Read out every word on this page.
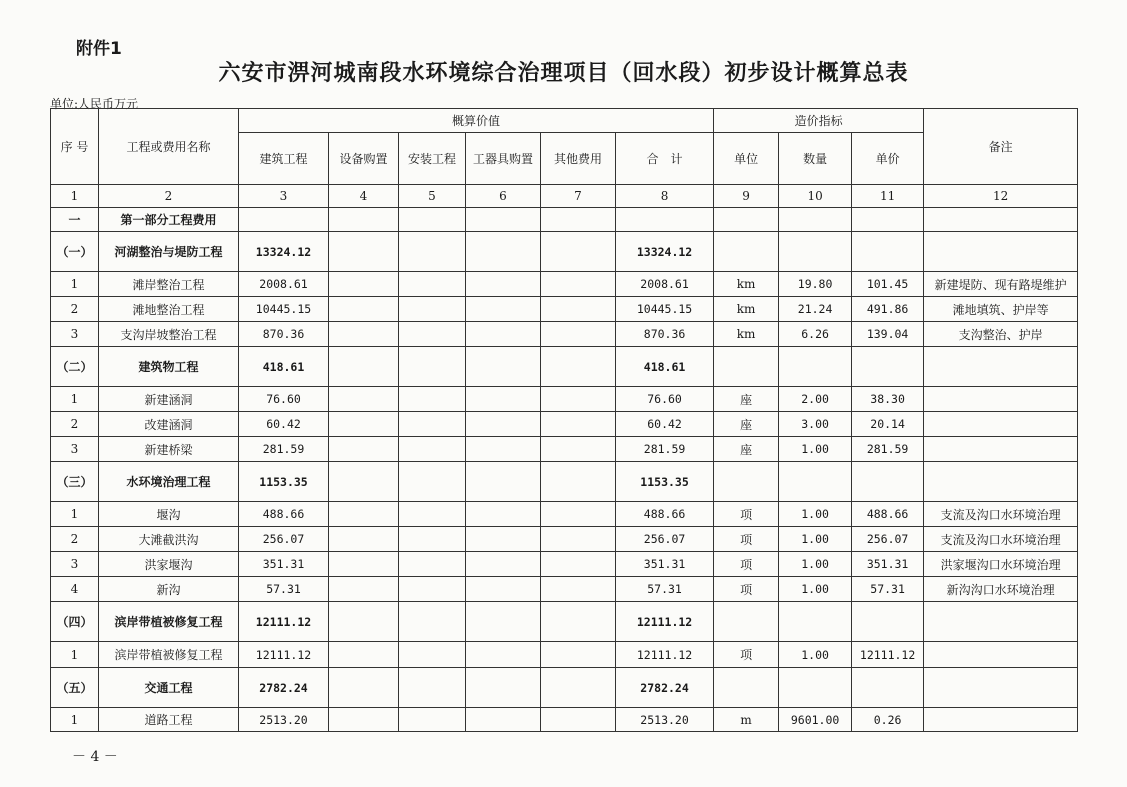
附件1
六安市淠河城南段水环境综合治理项目（回水段）初步设计概算总表
单位:人民币万元
序 号	工程或费用名称	概算价值						造价指标			备注
		建筑工程	设备购置	安装工程	工器具购置	其他费用	合　计	单位	数量	单价	
1	2	3	4	5	6	7	8	9	10	11	12
一	第一部分工程费用										
（一）	河湖整治与堤防工程	13324.12					13324.12				
1	滩岸整治工程	2008.61					2008.61	km	19.80	101.45	新建堤防、现有路堤维护
2	滩地整治工程	10445.15					10445.15	km	21.24	491.86	滩地填筑、护岸等
3	支沟岸坡整治工程	870.36					870.36	km	6.26	139.04	支沟整治、护岸
（二）	建筑物工程	418.61					418.61				
1	新建涵洞	76.60					76.60	座	2.00	38.30	
2	改建涵洞	60.42					60.42	座	3.00	20.14	
3	新建桥梁	281.59					281.59	座	1.00	281.59	
（三）	水环境治理工程	1153.35					1153.35				
1	堰沟	488.66					488.66	项	1.00	488.66	支流及沟口水环境治理
2	大滩截洪沟	256.07					256.07	项	1.00	256.07	支流及沟口水环境治理
3	洪家堰沟	351.31					351.31	项	1.00	351.31	洪家堰沟口水环境治理
4	新沟	57.31					57.31	项	1.00	57.31	新沟沟口水环境治理
（四）	滨岸带植被修复工程	12111.12					12111.12				
1	滨岸带植被修复工程	12111.12					12111.12	项	1.00	12111.12	
（五）	交通工程	2782.24					2782.24				
1	道路工程	2513.20					2513.20	m	9601.00	0.26	
－ 4 －
